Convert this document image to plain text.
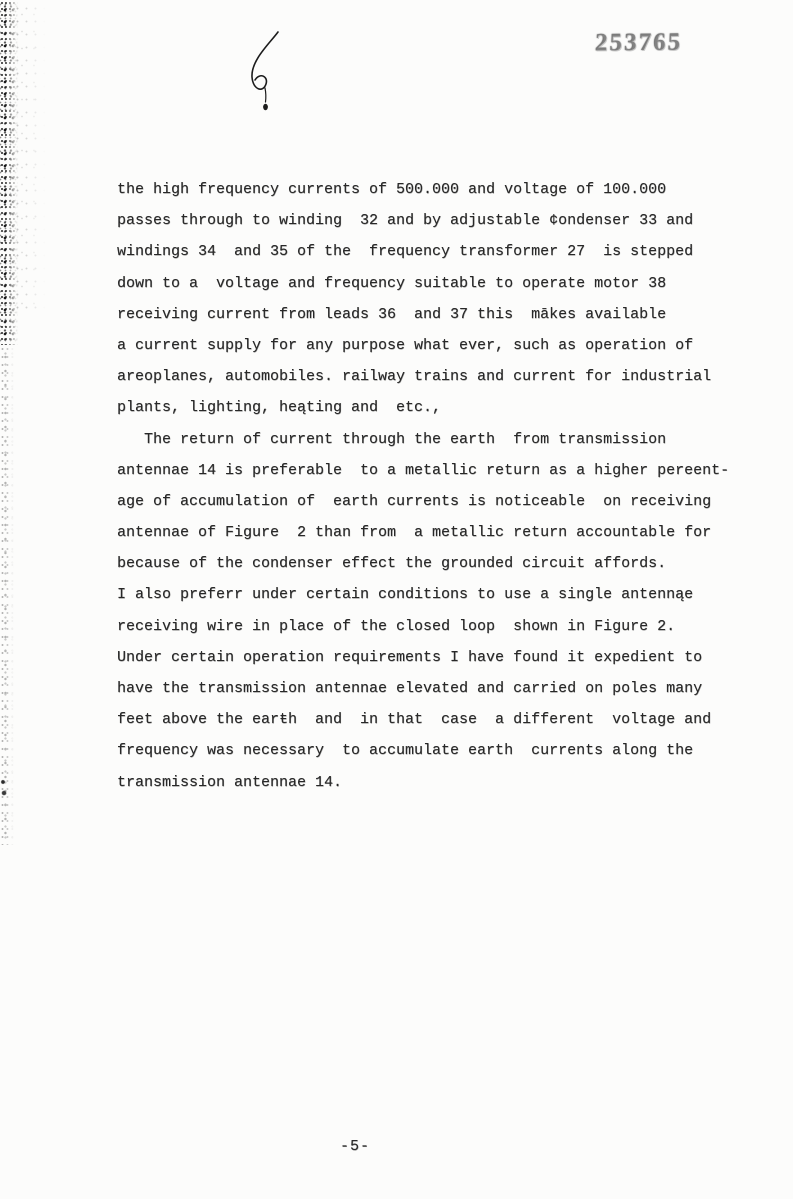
253765
the high frequency currents of 500.000 and voltage of 100.000
passes through to winding  32 and by adjustable ¢ondenser 33 and
windings 34  and 35 of the  frequency transformer 27  is stepped
down to a  voltage and frequency suitable to operate motor 38
receiving current from leads 36  and 37 this  mākes available
a current supply for any purpose what ever, such as operation of
areoplanes, automobiles. railway trains and current for industrial
plants, lighting, heąting and  etc.,
The return of current through the earth  from transmission
antennae 14 is preferable  to a metallic return as a higher pereent-
age of accumulation of  earth currents is noticeable  on receiving
antennae of Figure  2 than from  a metallic return accountable for
because of the condenser effect the grounded circuit affords.
I also preferr under certain conditions to use a single antennąe
receiving wire in place of the closed loop  shown in Figure 2.
Under certain operation requirements I have found it expedient to
have the transmission antennae elevated and carried on poles many
feet above the earŧh  and  in that  case  a different  voltage and
frequency was necessary  to accumulate earth  currents along the
transmission antennae 14.
-5-
